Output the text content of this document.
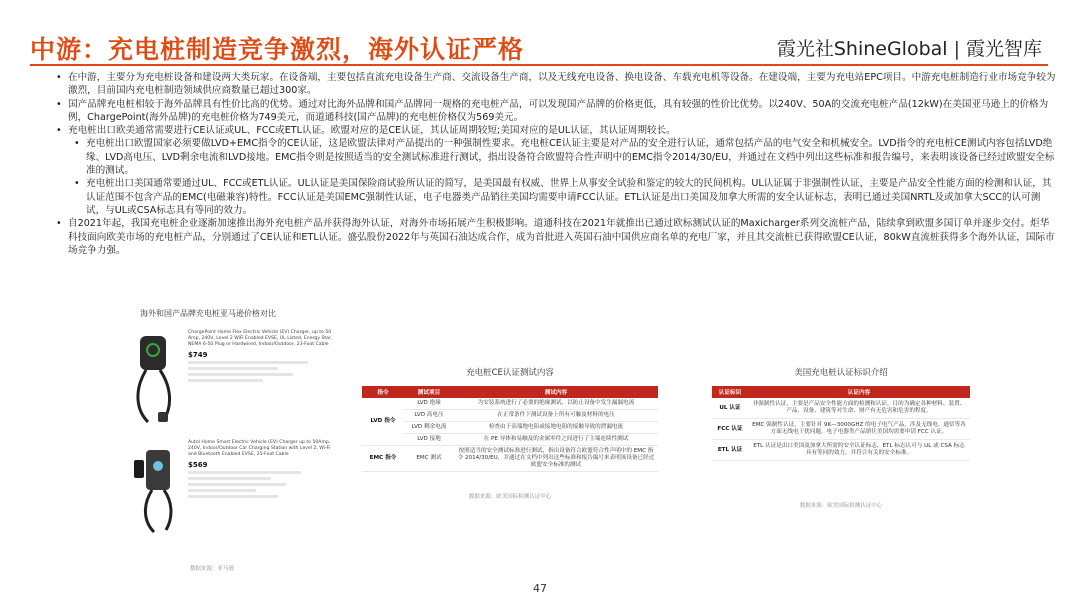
中游：充电桩制造竞争激烈，海外认证严格	霞光社ShineGlobal | 霞光智库
• 在中游，主要分为充电桩设备和建设两大类玩家。在设备端，主要包括直流充电设备生产商、交流设备生产商，以及无线充电设备、换电设备、车载充电机等设备。在建设端，主要为充电站EPC项目。中游充电桩制造行业市场竞争较为激烈，目前国内充电桩制造领域供应商数量已超过300家。
• 国产品牌充电桩相较于海外品牌具有性价比高的优势。通过对比海外品牌和国产品牌同一规格的充电桩产品，可以发现国产品牌的价格更低，具有较强的性价比优势。以240V、50A的交流充电桩产品(12kW)在美国亚马逊上的价格为例，ChargePoint(海外品牌)的充电桩价格为749美元，而道通科技(国产品牌)的充电桩价格仅为569美元。
• 充电桩出口欧美通常需要进行CE认证或UL、FCC或ETL认证。欧盟对应的是CE认证，其认证周期较短;美国对应的是UL认证，其认证周期较长。
• 充电桩出口欧盟国家必须要做LVD+EMC指令的CE认证，这是欧盟法律对产品提出的一种强制性要求。充电桩CE认证主要是对产品的安全进行认证，通常包括产品的电气安全和机械安全。LVD指令的充电桩CE测试内容包括LVD绝缘、LVD高电压、LVD剩余电流和LVD接地。EMC指令则是按照适当的安全测试标准进行测试，指出设备符合欧盟符合性声明中的EMC指令2014/30/EU，并通过在文档中列出这些标准和报告编号，来表明该设备已经过欧盟安全标准的测试。
• 充电桩出口美国通常要通过UL、FCC或ETL认证。UL认证是美国保险商试验所认证的简写，是美国最有权威、世界上从事安全试验和鉴定的较大的民间机构。UL认证属于非强制性认证，主要是产品安全性能方面的检测和认证，其认证范围不包含产品的EMC(电磁兼容)特性。FCC认证是美国EMC强制性认证，电子电器类产品销往美国均需要申请FCC认证。ETL认证是出口美国及加拿大所需的安全认证标志，表明已通过美国NRTL及或加拿大SCC的认可测试，与UL或CSA标志具有等同的效力。
• 自2021年起，我国充电桩企业逐渐加速推出海外充电桩产品并获得海外认证，对海外市场拓展产生积极影响。道通科技在2021年就推出已通过欧标测试认证的Maxicharger系列交流桩产品，陆续拿到欧盟多国订单并逐步交付。炬华科技面向欧美市场的充电桩产品，分别通过了CE认证和ETL认证。盛弘股份2022年与英国石油达成合作，成为首批进入英国石油中国供应商名单的充电厂家，并且其交流桩已获得欧盟CE认证，80kW直流桩获得多个海外认证，国际市场竞争力强。
海外和国产品牌充电桩亚马逊价格对比
ChargePoint Home Flex Electric Vehicle (EV) Charger, up to 50 Amp, 240V, Level 2 WiFi Enabled EVSE, UL Listed, Energy Star, NEMA 6-50 Plug or Hardwired, Indoor/Outdoor, 23-Foot Cable
$749
Autel Home Smart Electric Vehicle (EV) Charger up to 50Amp, 240V, Indoor/Outdoor Car Charging Station with Level 2, Wi-Fi and Bluetooth Enabled EVSE, 25-Foot Cable
$569
数据来源：亚马逊
充电桩CE认证测试内容
指令	测试项目	测试内容
LVD 指令	LVD 绝缘	为安装系统进行了必要的绝缘测试，以防止设备中发生漏漏电流
	LVD 高电压	在正常条件下测试设备上所有可触及材料的电压
	LVD 剩余电流	检查由于高端地电阻或接地电阻的接触导致的泄漏电流
	LVD 接地	在 PE 导体和易触及的金属零件之间进行了主端连续性测试
EMC 指令	EMC 测试	按照适当的安全测试标准进行测试，指出设备符合欧盟符合性声明中的 EMC 指令 2014/30/EU，并通过在文档中列出这些标准和报告编号来表明该设备已经过欧盟安全标准的测试
数据来源：欧美国际检测认证中心
美国充电桩认证标识介绍
认证标识	认证内容
UL 认证	非强制性认证，主要是产品安全性能方面的检测和认证，目的为确定各种材料、装置、产品、设备、建筑等对生命、财产有无危害和危害的程度。
FCC 认证	EMC 强制性认证，主要针对 9K—3000GHZ 的电子电气产品，涉及无线电、通信等各方面无线电干扰问题，电子电器类产品销往美国均需要申请 FCC 认证。
ETL 认证	ETL 认证是出口美国及加拿大所需的安全认证标志，ETL 标志认可与 UL 或 CSA 标志具有等同的效力，并符合有关的安全标准。
数据来源：欧美国际检测认证中心
47
